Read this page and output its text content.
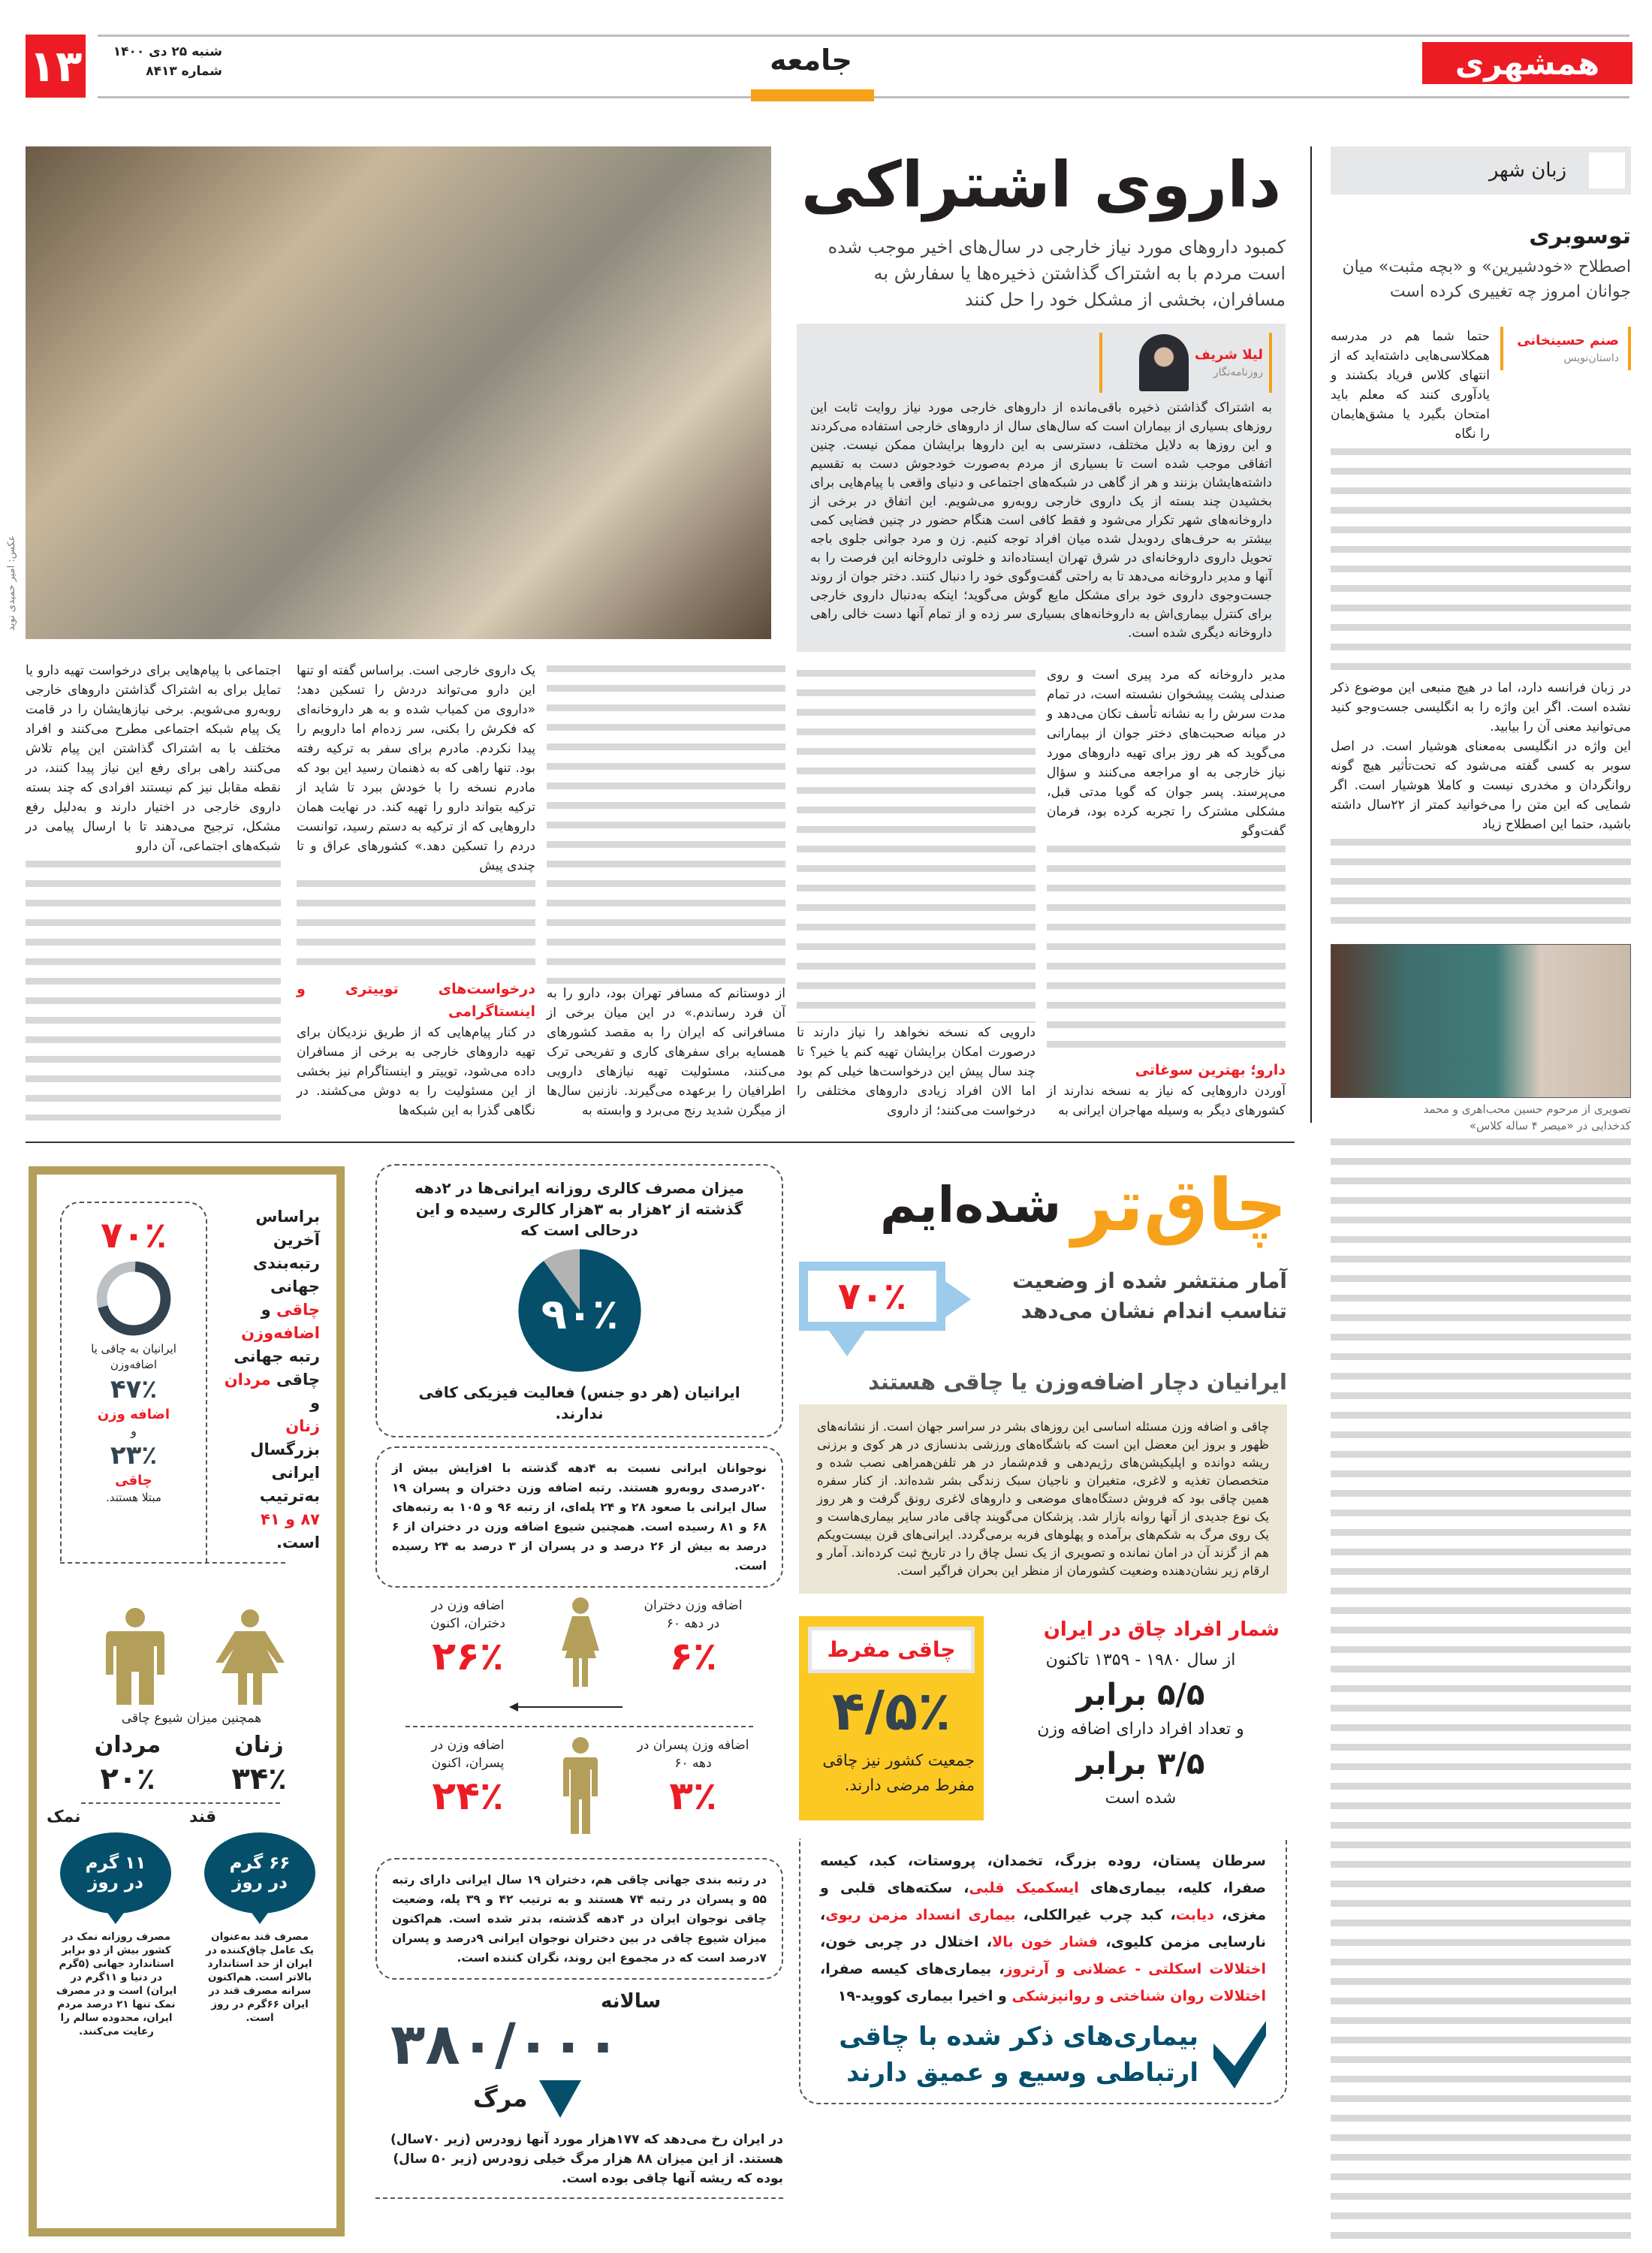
۱۳	شنبه ۲۵ دی ۱۴۰۰
شماره ۸۴۱۳	جامعه	همشهری
زبان شهر
توسوبری
اصطلاح «خودشیرین» و «بچه مثبت» میان جوانان امروز چه تغییری کرده است
صنم حسینخانی
داستان‌نویس
حتما شما هم در مدرسه همکلاسی‌هایی داشته‌اید که از انتهای کلاس فریاد بکشند و یادآوری کنند که معلم باید امتحان بگیرد یا مشق‌هایمان را نگاه
در زبان فرانسه دارد، اما در هیچ منبعی این موضوع ذکر نشده است. اگر این واژه را به انگلیسی جست‌وجو کنید می‌توانید معنی آن را بیابید.
این واژه در انگلیسی به‌معنای هوشیار است. در اصل سوبر به کسی گفته می‌شود که تحت‌تأثیر هیچ گونه روانگردان و مخدری نیست و کاملا هوشیار است. اگر شمایی که این متن را می‌خوانید کمتر از ۲۲سال داشته باشید، حتما این اصطلاح زیاد
تصویری از مرحوم حسین محب‌اهری و محمد کدخدایی در «میصر ۴ ساله کلاس»
عکس: امیر حمیدی نوید
داروی اشتراکی
کمبود داروهای مورد نیاز خارجی در سال‌های اخیر موجب شده است مردم با به اشتراک گذاشتن ذخیره‌ها یا سفارش به مسافران، بخشی از مشکل خود را حل کنند
لیلا شریف
روزنامه‌نگار
به اشتراک گذاشتن ذخیره باقی‌مانده از داروهای خارجی مورد نیاز روایت ثابت این روزهای بسیاری از بیماران است که سال‌های سال از داروهای خارجی استفاده می‌کردند و این روزها به دلایل مختلف، دسترسی به این داروها برایشان ممکن نیست. چنین اتفاقی موجب شده است تا بسیاری از مردم به‌صورت خودجوش دست به تقسیم داشته‌هایشان بزنند و هر از گاهی در شبکه‌های اجتماعی و دنیای واقعی با پیام‌هایی برای بخشیدن چند بسته از یک داروی خارجی روبه‌رو می‌شویم. این اتفاق در برخی از داروخانه‌های شهر تکرار می‌شود و فقط کافی است هنگام حضور در چنین فضایی کمی بیشتر به حرف‌های ردوبدل شده میان افراد توجه کنیم. زن و مرد جوانی جلوی باجه تحویل داروی داروخانه‌ای در شرق تهران ایستاده‌اند و خلوتی داروخانه این فرصت را به آنها و مدیر داروخانه می‌دهد تا به راحتی گفت‌وگوی خود را دنبال کنند. دختر جوان از روند جست‌وجوی داروی خود برای مشکل مایع گوش می‌گوید؛ اینکه به‌دنبال داروی خارجی برای کنترل بیماری‌اش به داروخانه‌های بسیاری سر زده و از تمام آنها دست خالی راهی داروخانه دیگری شده است.
مدیر داروخانه که مرد پیری است و روی صندلی پشت پیشخوان نشسته است، در تمام مدت سرش را به نشانه تأسف تکان می‌دهد و در میانه صحبت‌های دختر جوان از بیمارانی می‌گوید که هر روز برای تهیه داروهای مورد نیاز خارجی به او مراجعه می‌کنند و سؤال می‌پرسند. پسر جوان که گویا مدتی قبل، مشکلی مشترک را تجربه کرده بود، فرمان گفت‌وگو
دارو؛ بهترین سوغاتی
آوردن داروهایی که نیاز به نسخه ندارند از کشورهای دیگر به وسیله مهاجران ایرانی به
دارویی که نسخه نخواهد را نیاز دارند تا درصورت امکان برایشان تهیه کنم یا خیر؟ تا چند سال پیش این درخواست‌ها خیلی کم بود اما الان افراد زیادی داروهای مختلفی را درخواست می‌کنند؛ از داروی
از دوستانم که مسافر تهران بود، دارو را به آن فرد رساندم.» در این میان برخی از مسافرانی که ایران را به مقصد کشورهای همسایه برای سفرهای کاری و تفریحی ترک می‌کنند، مسئولیت تهیه نیازهای دارویی اطرافیان را برعهده می‌گیرند. نازنین سال‌ها از میگرن شدید رنج می‌برد و وابسته به
یک داروی خارجی است. براساس گفته او تنها این دارو می‌تواند دردش را تسکین دهد؛ «داروی من کمیاب شده و به هر داروخانه‌ای که فکرش را بکنی، سر زده‌ام اما دارویم را پیدا نکردم. مادرم برای سفر به ترکیه رفته بود. تنها راهی که به ذهنمان رسید این بود که مادرم نسخه را با خودش ببرد تا شاید از ترکیه بتواند دارو را تهیه کند. در نهایت همان داروهایی که از ترکیه به دستم رسید، توانست دردم را تسکین دهد.» کشورهای عراق و تا چندی پیش
درخواست‌های توییتری و اینستاگرامی
در کنار پیام‌هایی که از طریق نزدیکان برای تهیه داروهای خارجی به برخی از مسافران داده می‌شود، توییتر و اینستاگرام نیز بخشی از این مسئولیت را به دوش می‌کشند. در نگاهی گذرا به این شبکه‌ها
اجتماعی با پیام‌هایی برای درخواست تهیه دارو یا تمایل برای به اشتراک گذاشتن داروهای خارجی روبه‌رو می‌شویم. برخی نیازهایشان را در قامت یک پیام شبکه اجتماعی مطرح می‌کنند و افراد مختلف با به اشتراک گذاشتن این پیام تلاش می‌کنند راهی برای رفع این نیاز پیدا کنند، در نقطه مقابل نیز کم نیستند افرادی که چند بسته داروی خارجی در اختیار دارند و به‌دلیل رفع مشکل، ترجیح می‌دهند تا با ارسال پیامی در شبکه‌های اجتماعی، آن دارو
چاق‌تر
شده‌ایم
۷۰٪	آمار منتشر شده از وضعیت تناسب اندام نشان می‌دهد
ایرانیان دچار اضافه‌وزن یا چاقی هستند
چاقی و اضافه وزن مسئله اساسی این روزهای بشر در سراسر جهان است. از نشانه‌های ظهور و بروز این معضل این است که باشگاه‌های ورزشی بدنسازی در هر کوی و برزنی ریشه دوانده و اپلیکیشن‌های رژیم‌دهی و قدم‌شمار در هر تلفن‌همراهی نصب شده و متخصصان تغذیه و لاغری، متغیران و ناجیان سبک زندگی بشر شده‌اند. از کنار سفره همین چاقی بود که فروش دستگاه‌های موضعی و داروهای لاغری رونق گرفت و هر روز یک نوع جدیدی از آنها روانه بازار شد. پزشکان می‌گویند چاقی مادر سایر بیماری‌هاست و یک روی مرگ به شکم‌های برآمده و پهلوهای فربه برمی‌گردد. ایرانی‌های قرن بیست‌ویکم هم از گزند آن در امان نمانده و تصویری از یک نسل چاق را در تاریخ ثبت کرده‌اند. آمار و ارقام زیر نشان‌دهنده وضعیت کشورمان از منظر این بحران فراگیر است.
شمار افراد چاق در ایران
از سال ۱۹۸۰ - ۱۳۵۹ تاکنون
۵/۵ برابر
و تعداد افراد دارای اضافه وزن
۳/۵ برابر
شده است
چاقی مفرط
۴/۵٪
جمعیت کشور نیز چاقی مفرط مرضی دارند.
سرطان پستان، روده بزرگ، تخمدان، پروستات، کبد، کیسه صفرا، کلیه، بیماری‌های ایسکمیک قلبی، سکته‌های قلبی و مغزی، دیابت، کبد چرب غیرالکلی، بیماری انسداد مزمن ریوی، نارسایی مزمن کلیوی، فشار خون بالا، اختلال در چربی خون، اختلالات اسکلتی - عضلانی و آرتروز، بیماری‌های کیسه صفرا، اختلالات روان شناختی و روانپزشکی و اخیرا بیماری کووید-۱۹
بیماری‌های ذکر شده با چاقی ارتباطی وسیع و عمیق دارند
میزان مصرف کالری روزانه ایرانی‌ها در ۲دهه گذشته از ۲هزار به ۳هزار کالری رسیده و این درحالی است که
۹۰٪
ایرانیان (هر دو جنس) فعالیت فیزیکی کافی ندارند.
نوجوانان ایرانی نسبت به ۴دهه گذشته با افزایش بیش از ۲۰درصدی روبه‌رو هستند. رتبه اضافه وزن دختران و پسران ۱۹ سال ایرانی با صعود ۲۸ و ۲۴ پله‌ای، از رتبه ۹۶ و ۱۰۵ به رتبه‌های ۶۸ و ۸۱ رسیده است. همچنین شیوع اضافه وزن در دختران از ۶ درصد به بیش از ۲۶ درصد و در پسران از ۳ درصد به ۲۴ رسیده است.
اضافه وزن دختران در دهه ۶۰
۶٪
اضافه وزن در دختران، اکنون
۲۶٪
اضافه وزن پسران در دهه ۶۰
۳٪
اضافه وزن در پسران، اکنون
۲۴٪
در رتبه بندی جهانی چاقی هم، دختران ۱۹ سال ایرانی دارای رتبه ۵۵ و پسران در رتبه ۷۴ هستند و به ترتیب ۴۲ و ۳۹ پله، وضعیت چاقی نوجوان ایران در ۴دهه گذشته، بدتر شده است. هم‌اکنون میزان شیوع چاقی در بین دختران نوجوان ایرانی ۹درصد و پسران ۷درصد است که در مجموع این روند، نگران کننده است.
سالانه
۳۸۰/۰۰۰
مرگ
در ایران رخ می‌دهد که ۱۷۷هزار مورد آنها زودرس (زیر ۷۰سال) هستند. از این میزان ۸۸ هزار مرگ خیلی زودرس (زیر ۵۰ سال) بوده که ریشه آنها چاقی بوده است.
براساس
آخرین
رتبه‌بندی
جهانی
چاقی و
اضافه‌وزن
رتبه جهانی
چاقی مردان و
زنان بزرگسال
ایرانی
به‌ترتیب
۸۷ و ۴۱
است.
۷۰٪
ایرانیان به چاقی یا اضافه‌وزن
۴۷٪
اضافه وزن
و
۲۳٪
چاقی
مبتلا هستند.
همچنین میزان شیوع چاقی
زنان
۳۴٪
مردان
۲۰٪
قند
۶۶ گرم در روز
مصرف قند به‌عنوان یک عامل چاق‌کننده در ایران از حد استاندارد بالاتر است. هم‌اکنون سرانه مصرف قند در ایران ۶۶گرم در روز است.
نمک
۱۱ گرم در روز
مصرف روزانه نمک در کشور بیش از دو برابر استاندارد جهانی (۵گرم در دنیا و ۱۱گرم در ایران) است و در مصرف نمک تنها ۲۱ درصد مردم ایران، محدوده سالم را رعایت می‌کنند.
